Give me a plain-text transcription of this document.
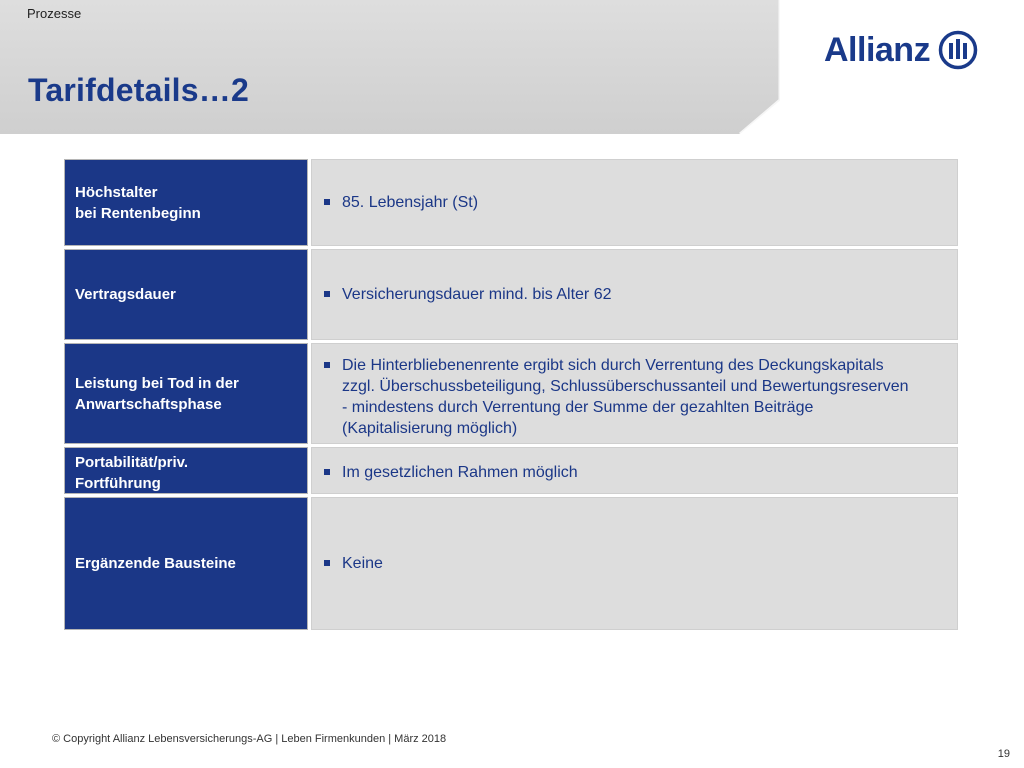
Prozesse
Tarifdetails…2
Allianz
Höchstalter
bei Rentenbeginn
85. Lebensjahr (St)
Vertragsdauer	Versicherungsdauer mind. bis Alter 62
Leistung bei Tod in der
Anwartschaftsphase
Die Hinterbliebenenrente ergibt sich durch Verrentung des Deckungskapitals
zzgl. Überschussbeteiligung, Schlussüberschussanteil und Bewertungsreserven
- mindestens durch Verrentung der Summe der gezahlten Beiträge
(Kapitalisierung möglich)
Portabilität/priv.
Fortführung
Im gesetzlichen Rahmen möglich
Ergänzende Bausteine	Keine
© Copyright Allianz Lebensversicherungs-AG | Leben Firmenkunden | März 2018
19
